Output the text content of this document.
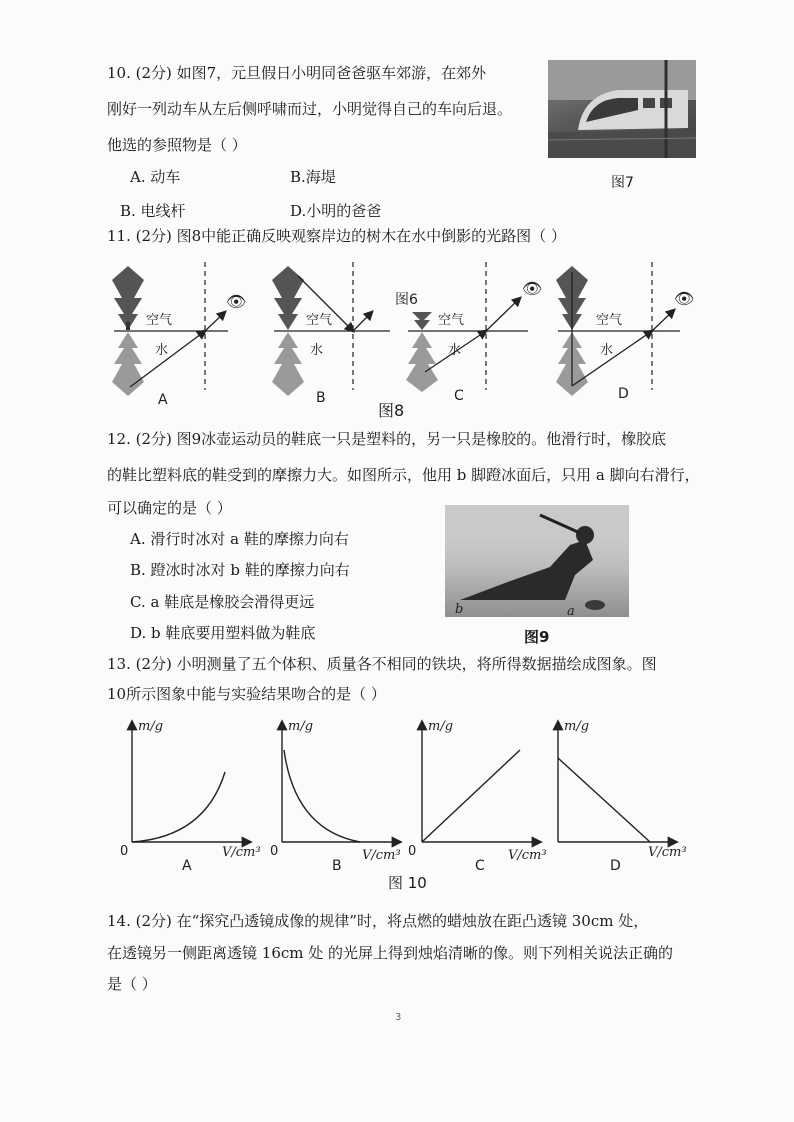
10. (2分) 如图7，元旦假日小明同爸爸驱车郊游，在郊外
刚好一列动车从左后侧呼啸而过，小明觉得自己的车向后退。
他选的参照物是（ ）
A. 动车	B.海堤
B. 电线杆	D.小明的爸爸
图7
11. (2分) 图8中能正确反映观察岸边的树木在水中倒影的光路图（ ）
空气
水
👁
空气
水
图6
空气
水
👁
空气
水
👁
A	B	C	D
图8
12. (2分) 图9冰壶运动员的鞋底一只是塑料的，另一只是橡胶的。他滑行时，橡胶底
的鞋比塑料底的鞋受到的摩擦力大。如图所示，他用 b 脚蹬冰面后，只用 a 脚向右滑行，
可以确定的是（ ）
A. 滑行时冰对 a 鞋的摩擦力向右
B. 蹬冰时冰对 b 鞋的摩擦力向右
C. a 鞋底是橡胶会滑得更远
D. b 鞋底要用塑料做为鞋底
b	a
图9
13. (2分) 小明测量了五个体积、质量各不相同的铁块，将所得数据描绘成图象。图
10所示图象中能与实验结果吻合的是（ ）
m/g
0
m/g
0	V/cm³
m/g
0	V/cm³
m/g
V/cm³
V/cm³
A	B	C	D
图 10
14. (2分) 在“探究凸透镜成像的规律”时，将点燃的蜡烛放在距凸透镜 30cm 处，
在透镜另一侧距离透镜 16cm 处 的光屏上得到烛焰清晰的像。则下列相关说法正确的
是（ ）
3
